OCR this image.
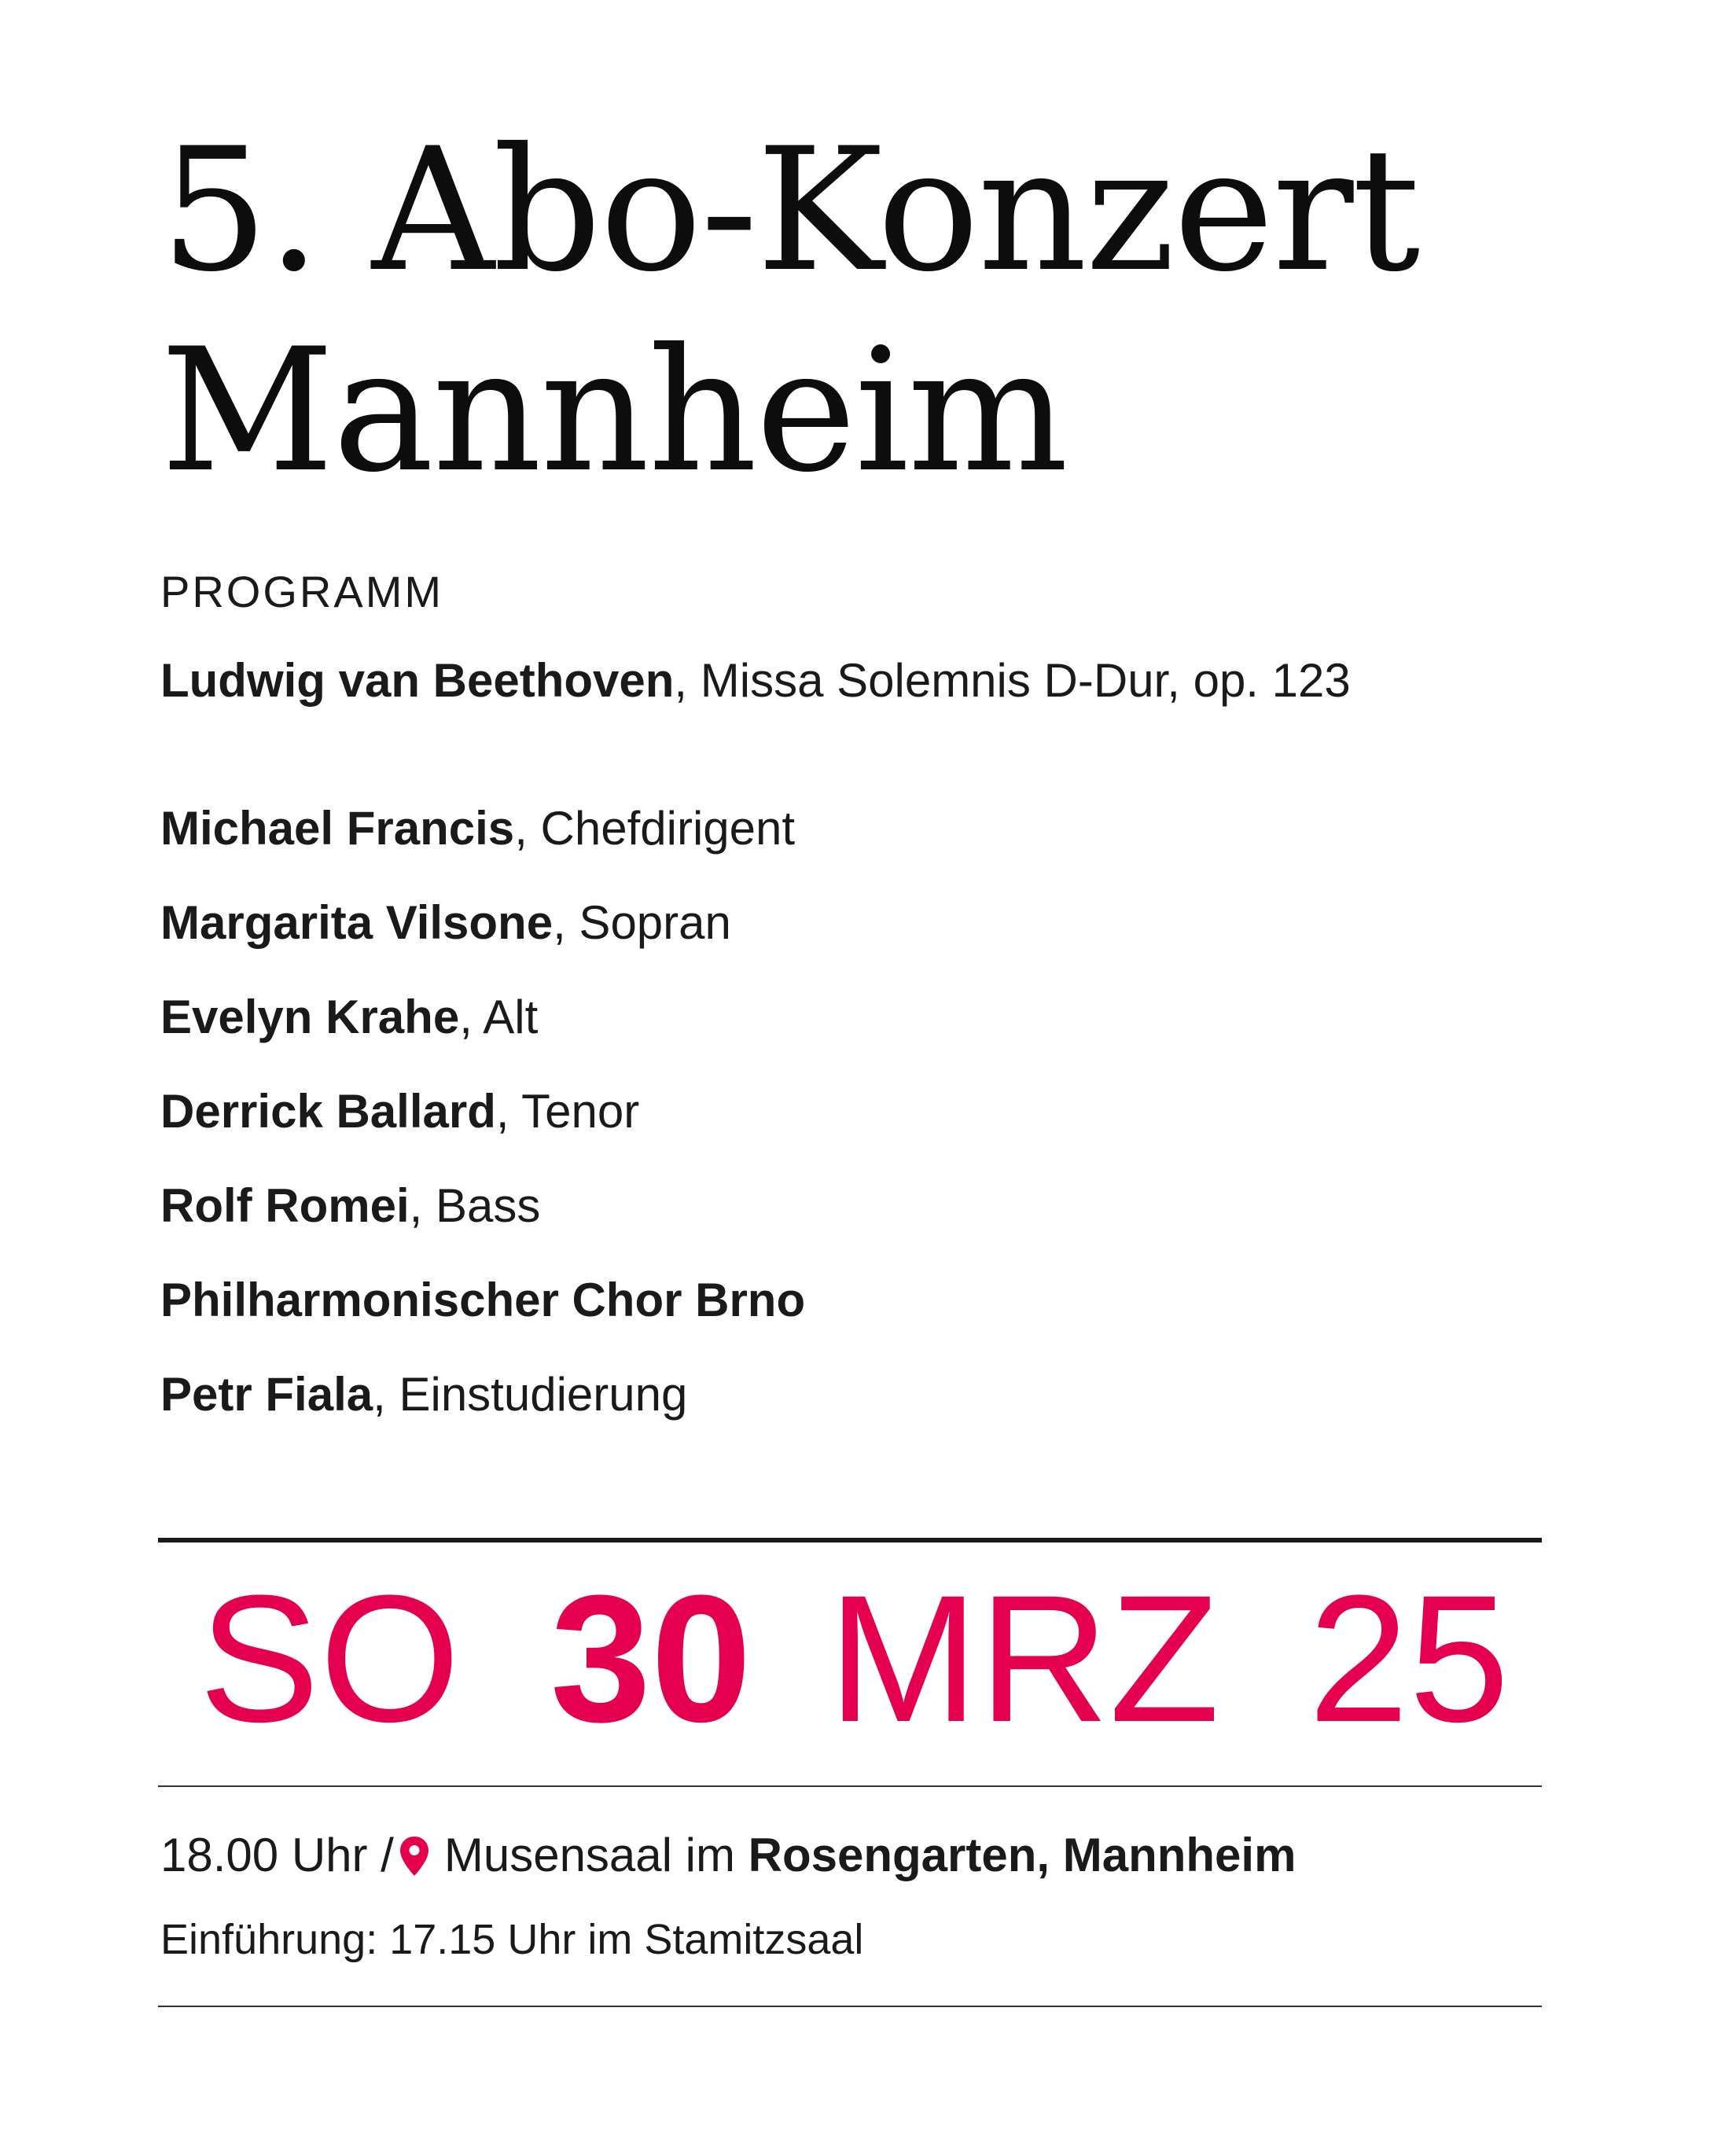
5. Abo-Konzert
Mannheim
PROGRAMM
Ludwig van Beethoven, Missa Solemnis D-Dur, op. 123
Michael Francis, Chefdirigent
Margarita Vilsone, Sopran
Evelyn Krahe, Alt
Derrick Ballard, Tenor
Rolf Romei, Bass
Philharmonischer Chor Brno
Petr Fiala, Einstudierung
SO 30 MRZ 25
18.00 Uhr / Musensaal im Rosengarten, Mannheim
Einführung: 17.15 Uhr im Stamitzsaal
